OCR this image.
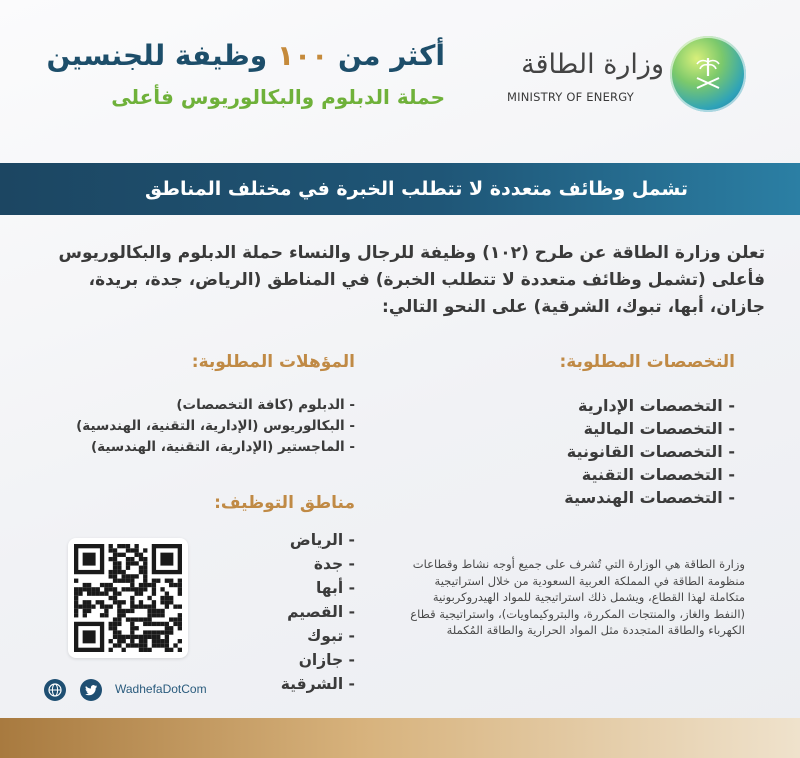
وزارة الطاقة
MINISTRY OF ENERGY
أكثر من ١٠٠ وظيفة للجنسين
حملة الدبلوم والبكالوريوس فأعلى
تشمل وظائف متعددة لا تتطلب الخبرة في مختلف المناطق
تعلن وزارة الطاقة عن طرح (١٠٢) وظيفة للرجال والنساء حملة الدبلوم والبكالوريوس فأعلى (تشمل وظائف متعددة لا تتطلب الخبرة) في المناطق (الرياض، جدة، بريدة، جازان، أبها، تبوك، الشرقية) على النحو التالي:
التخصصات المطلوبة:
- التخصصات الإدارية
- التخصصات المالية
- التخصصات القانونية
- التخصصات التقنية
- التخصصات الهندسية
المؤهلات المطلوبة:
- الدبلوم (كافة التخصصات)
- البكالوريوس (الإدارية، التقنية، الهندسية)
- الماجستير (الإدارية، التقنية، الهندسية)
مناطق التوظيف:
- الرياض
- جدة
- أبها
- القصيم
- تبوك
- جازان
- الشرقية
وزارة الطاقة هي الوزارة التي تُشرف على جميع أوجه نشاط وقطاعات منظومة الطاقة في المملكة العربية السعودية من خلال استراتيجية متكاملة لهذا القطاع، ويشمل ذلك استراتيجية للمواد الهيدروكربونية (النفط والغاز، والمنتجات المكررة، والبتروكيماويات)، واستراتيجية قطاع الكهرباء والطاقة المتجددة مثل المواد الحرارية والطاقة المُكملة
WadhefaDotCom
